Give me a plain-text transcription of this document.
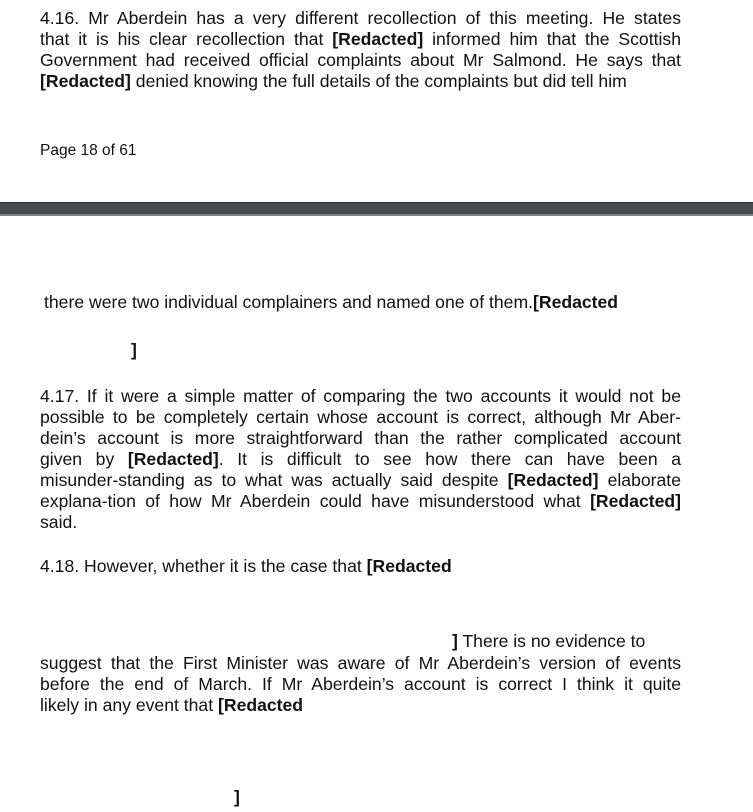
4.16. Mr Aberdein has a very different recollection of this meeting. He states

that it is his clear recollection that [Redacted] informed him that the Scottish

Government had received official complaints about Mr Salmond. He says that

[Redacted] denied knowing the full details of the complaints but did tell him

Page 18 of 61

there were two individual complainers and named one of them.[Redacted

]

4.17. If it were a simple matter of comparing the two accounts it would not be

possible to be completely certain whose account is correct, although Mr Aber-

dein’s account is more straightforward than the rather complicated account

given by [Redacted]. It is difficult to see how there can have been a

misunder-standing as to what was actually said despite [Redacted] elaborate

explana-tion of how Mr Aberdein could have misunderstood what [Redacted]

said.

4.18. However, whether it is the case that [Redacted

] There is no evidence to

suggest that the First Minister was aware of Mr Aberdein’s version of events

before the end of March. If Mr Aberdein’s account is correct I think it quite

likely in any event that [Redacted

]
